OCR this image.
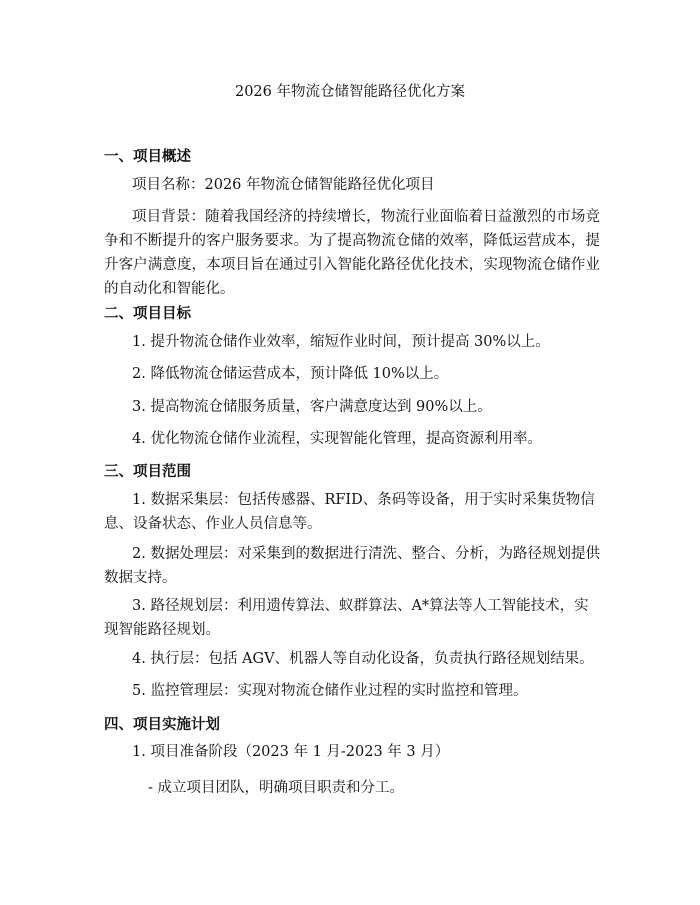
2026 年物流仓储智能路径优化方案
一、项目概述
项目名称：2026 年物流仓储智能路径优化项目
项目背景：随着我国经济的持续增长，物流行业面临着日益激烈的市场竞争和不断提升的客户服务要求。为了提高物流仓储的效率，降低运营成本，提升客户满意度，本项目旨在通过引入智能化路径优化技术，实现物流仓储作业的自动化和智能化。
二、项目目标
1. 提升物流仓储作业效率，缩短作业时间，预计提高 30%以上。
2. 降低物流仓储运营成本，预计降低 10%以上。
3. 提高物流仓储服务质量，客户满意度达到 90%以上。
4. 优化物流仓储作业流程，实现智能化管理，提高资源利用率。
三、项目范围
1. 数据采集层：包括传感器、RFID、条码等设备，用于实时采集货物信息、设备状态、作业人员信息等。
2. 数据处理层：对采集到的数据进行清洗、整合、分析，为路径规划提供数据支持。
3. 路径规划层：利用遗传算法、蚁群算法、A*算法等人工智能技术，实现智能路径规划。
4. 执行层：包括 AGV、机器人等自动化设备，负责执行路径规划结果。
5. 监控管理层：实现对物流仓储作业过程的实时监控和管理。
四、项目实施计划
1. 项目准备阶段（2023 年 1 月-2023 年 3 月）
- 成立项目团队，明确项目职责和分工。
